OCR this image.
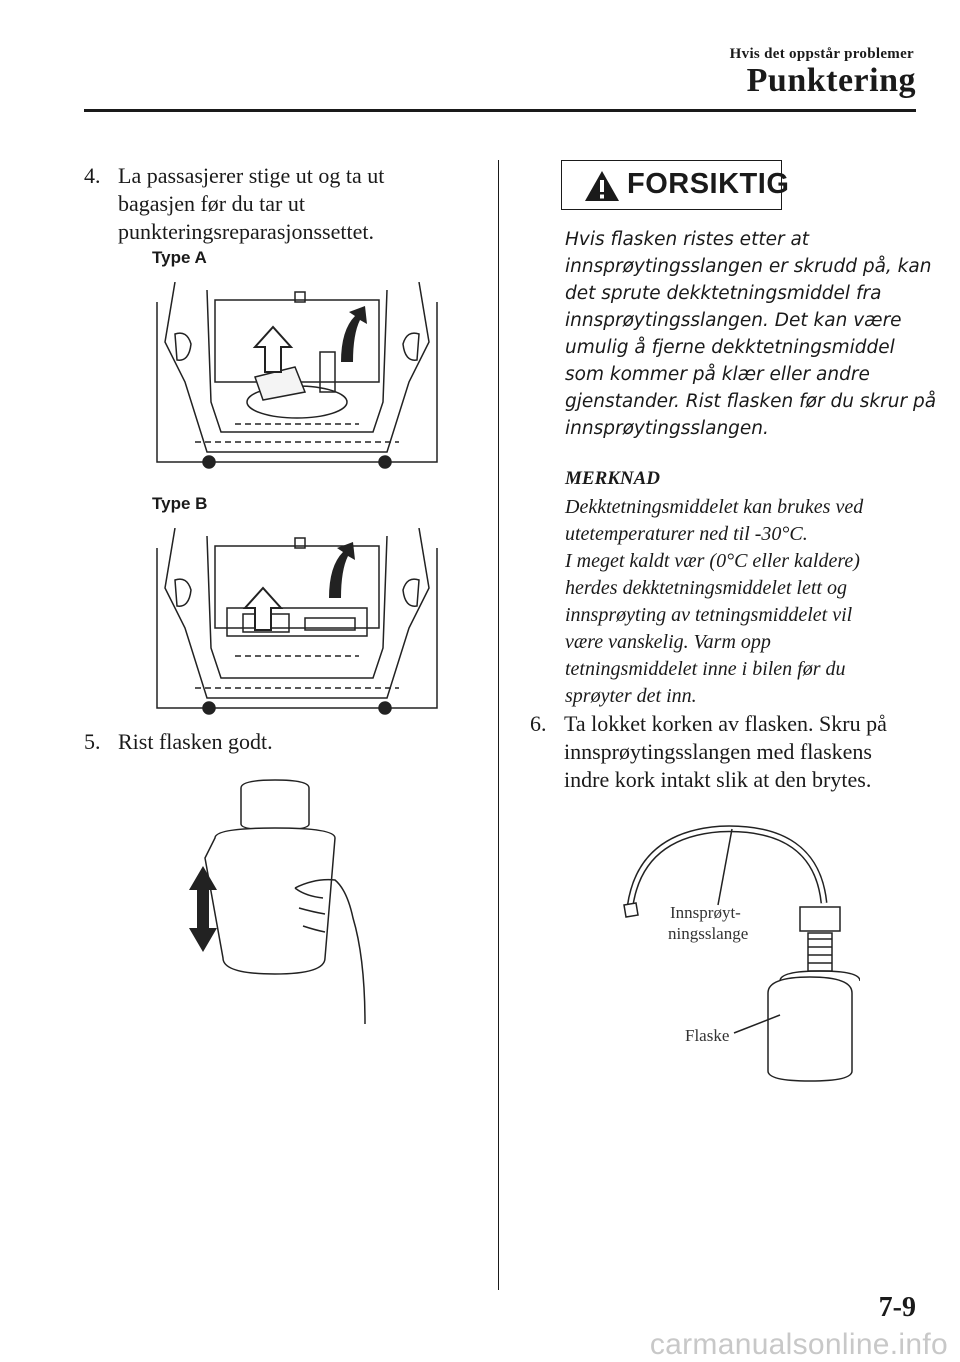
Hvis det oppstår problemer
Punktering
4. La passasjerer stige ut og ta ut
bagasjen før du tar ut
punkteringsreparasjonssettet.
Type A
Type B
5. Rist flasken godt.
FORSIKTIG
Hvis flasken ristes etter at
innsprøytingsslangen er skrudd på, kan
det sprute dekktetningsmiddel fra
innsprøytingsslangen. Det kan være
umulig å fjerne dekktetningsmiddel
som kommer på klær eller andre
gjenstander. Rist flasken før du skrur på
innsprøytingsslangen.
MERKNAD
Dekktetningsmiddelet kan brukes ved
utetemperaturer ned til -30°C.
I meget kaldt vær (0°C eller kaldere)
herdes dekktetningsmiddelet lett og
innsprøyting av tetningsmiddelet vil
være vanskelig. Varm opp
tetningsmiddelet inne i bilen før du
sprøyter det inn.
6. Ta lokket korken av flasken. Skru på
innsprøytingsslangen med flaskens
indre kork intakt slik at den brytes.
Innsprøyt-
ningsslange
Flaske
7-9
carmanualsonline.info
